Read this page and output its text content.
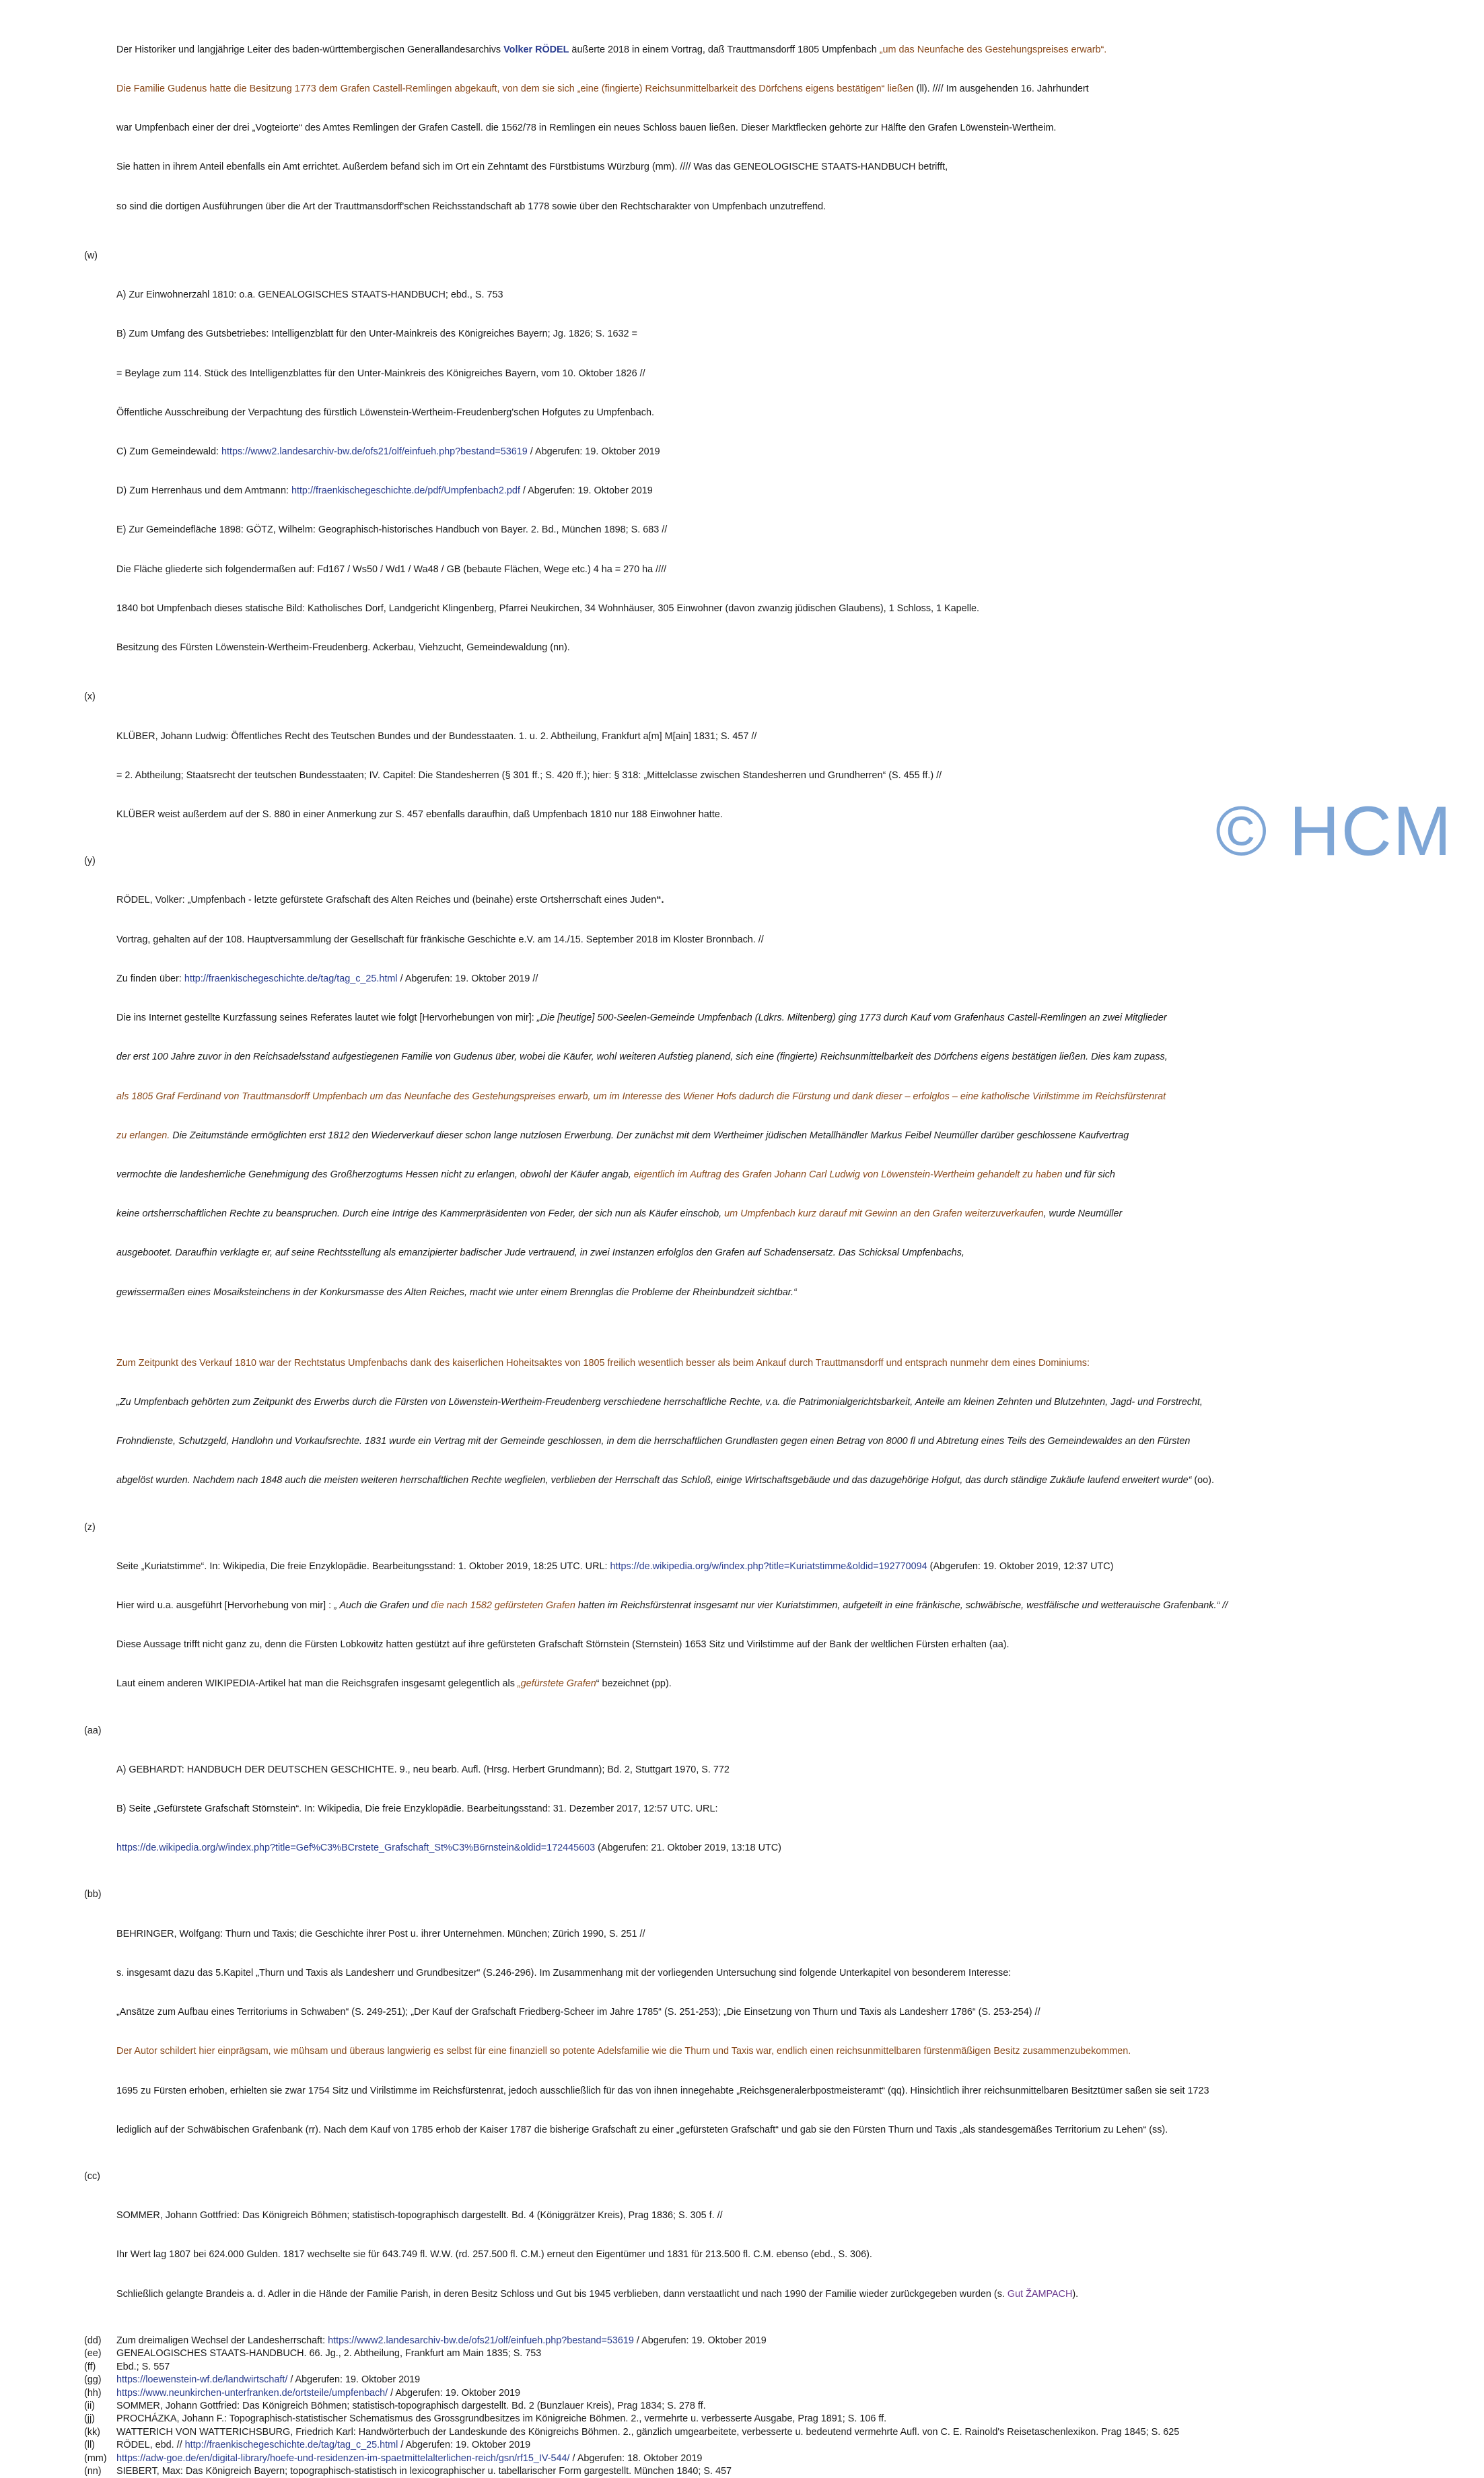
Der Historiker und langjährige Leiter des baden-württembergischen Generallandesarchivs Volker RÖDEL äußerte 2018 in einem Vortrag, daß Trauttmansdorff 1805 Umpfenbach „um das Neunfache des Gestehungspreises erwarb“.

Die Familie Gudenus hatte die Besitzung 1773 dem Grafen Castell-Remlingen abgekauft, von dem sie sich „eine (fingierte) Reichsunmittelbarkeit des Dörfchens eigens bestätigen“ ließen (ll). //// Im ausgehenden 16. Jahrhundert

war Umpfenbach einer der drei „Vogteiorte“ des Amtes Remlingen der Grafen Castell. die 1562/78 in Remlingen ein neues Schloss bauen ließen. Dieser Marktflecken gehörte zur Hälfte den Grafen Löwenstein-Wertheim.

Sie hatten in ihrem Anteil ebenfalls ein Amt errichtet. Außerdem befand sich im Ort ein Zehntamt des Fürstbistums Würzburg (mm). //// Was das GENEOLOGISCHE STAATS-HANDBUCH betrifft,

so sind die dortigen Ausführungen über die Art der Trauttmansdorff'schen Reichsstandschaft ab 1778 sowie über den Rechtscharakter von Umpfenbach unzutreffend.

(w)

A) Zur Einwohnerzahl 1810: o.a. GENEALOGISCHES STAATS-HANDBUCH; ebd., S. 753

B) Zum Umfang des Gutsbetriebes: Intelligenzblatt für den Unter-Mainkreis des Königreiches Bayern; Jg. 1826; S. 1632 =

= Beylage zum 114. Stück des Intelligenzblattes für den Unter-Mainkreis des Königreiches Bayern, vom 10. Oktober 1826 //

Öffentliche Ausschreibung der Verpachtung des fürstlich Löwenstein-Wertheim-Freudenberg'schen Hofgutes zu Umpfenbach.

C) Zum Gemeindewald: https://www2.landesarchiv-bw.de/ofs21/olf/einfueh.php?bestand=53619 / Abgerufen: 19. Oktober 2019

D) Zum Herrenhaus und dem Amtmann: http://fraenkischegeschichte.de/pdf/Umpfenbach2.pdf / Abgerufen: 19. Oktober 2019

E) Zur Gemeindefläche 1898: GÖTZ, Wilhelm: Geographisch-historisches Handbuch von Bayer. 2. Bd., München 1898; S. 683 //

Die Fläche gliederte sich folgendermaßen auf: Fd167 / Ws50 / Wd1 / Wa48 / GB (bebaute Flächen, Wege etc.) 4 ha = 270 ha ////

1840 bot Umpfenbach dieses statische Bild: Katholisches Dorf, Landgericht Klingenberg, Pfarrei Neukirchen, 34 Wohnhäuser, 305 Einwohner (davon zwanzig jüdischen Glaubens), 1 Schloss, 1 Kapelle.

Besitzung des Fürsten Löwenstein-Wertheim-Freudenberg. Ackerbau, Viehzucht, Gemeindewaldung (nn).

(x)

KLÜBER, Johann Ludwig: Öffentliches Recht des Teutschen Bundes und der Bundesstaaten. 1. u. 2. Abtheilung, Frankfurt a[m] M[ain] 1831; S. 457 //

= 2. Abtheilung; Staatsrecht der teutschen Bundesstaaten; IV. Capitel: Die Standesherren (§ 301 ff.; S. 420 ff.); hier: § 318: „Mittelclasse zwischen Standesherren und Grundherren“ (S. 455 ff.) //

KLÜBER weist außerdem auf der S. 880 in einer Anmerkung zur S. 457 ebenfalls daraufhin, daß Umpfenbach 1810 nur 188 Einwohner hatte.

(y)

RÖDEL, Volker: „Umpfenbach - letzte gefürstete Grafschaft des Alten Reiches und (beinahe) erste Ortsherrschaft eines Juden“.

Vortrag, gehalten auf der 108. Hauptversammlung der Gesellschaft für fränkische Geschichte e.V. am 14./15. September 2018 im Kloster Bronnbach. //

Zu finden über: http://fraenkischegeschichte.de/tag/tag_c_25.html / Abgerufen: 19. Oktober 2019 //

Die ins Internet gestellte Kurzfassung seines Referates lautet wie folgt [Hervorhebungen von mir]: „Die [heutige] 500-Seelen-Gemeinde Umpfenbach (Ldkrs. Miltenberg) ging 1773 durch Kauf vom Grafenhaus Castell-Remlingen an zwei Mitglieder

der erst 100 Jahre zuvor in den Reichsadelsstand aufgestiegenen Familie von Gudenus über, wobei die Käufer, wohl weiteren Aufstieg planend, sich eine (fingierte) Reichsunmittelbarkeit des Dörfchens eigens bestätigen ließen. Dies kam zupass,

als 1805 Graf Ferdinand von Trauttmansdorff Umpfenbach um das Neunfache des Gestehungspreises erwarb, um im Interesse des Wiener Hofs dadurch die Fürstung und dank dieser – erfolglos – eine katholische Virilstimme im Reichsfürstenrat

zu erlangen. Die Zeitumstände ermöglichten erst 1812 den Wiederverkauf dieser schon lange nutzlosen Erwerbung. Der zunächst mit dem Wertheimer jüdischen Metallhändler Markus Feibel Neumüller darüber geschlossene Kaufvertrag

vermochte die landesherrliche Genehmigung des Großherzogtums Hessen nicht zu erlangen, obwohl der Käufer angab, eigentlich im Auftrag des Grafen Johann Carl Ludwig von Löwenstein-Wertheim gehandelt zu haben und für sich

keine ortsherrschaftlichen Rechte zu beanspruchen. Durch eine Intrige des Kammerpräsidenten von Feder, der sich nun als Käufer einschob, um Umpfenbach kurz darauf mit Gewinn an den Grafen weiterzuverkaufen, wurde Neumüller

ausgebootet. Daraufhin verklagte er, auf seine Rechtsstellung als emanzipierter badischer Jude vertrauend, in zwei Instanzen erfolglos den Grafen auf Schadensersatz. Das Schicksal Umpfenbachs,

gewissermaßen eines Mosaiksteinchens in der Konkursmasse des Alten Reiches, macht wie unter einem Brennglas die Probleme der Rheinbundzeit sichtbar.“

Zum Zeitpunkt des Verkauf 1810 war der Rechtstatus Umpfenbachs dank des kaiserlichen Hoheitsaktes von 1805 freilich wesentlich besser als beim Ankauf durch Trauttmansdorff und entsprach nunmehr dem eines Dominiums:

„Zu Umpfenbach gehörten zum Zeitpunkt des Erwerbs durch die Fürsten von Löwenstein-Wertheim-Freudenberg verschiedene herrschaftliche Rechte, v.a. die Patrimonialgerichtsbarkeit, Anteile am kleinen Zehnten und Blutzehnten, Jagd- und Forstrecht,

Frohndienste, Schutzgeld, Handlohn und Vorkaufsrechte. 1831 wurde ein Vertrag mit der Gemeinde geschlossen, in dem die herrschaftlichen Grundlasten gegen einen Betrag von 8000 fl und Abtretung eines Teils des Gemeindewaldes an den Fürsten

abgelöst wurden. Nachdem nach 1848 auch die meisten weiteren herrschaftlichen Rechte wegfielen, verblieben der Herrschaft das Schloß, einige Wirtschaftsgebäude und das dazugehörige Hofgut, das durch ständige Zukäufe laufend erweitert wurde“ (oo).

(z)

Seite „Kuriatstimme“. In: Wikipedia, Die freie Enzyklopädie. Bearbeitungsstand: 1. Oktober 2019, 18:25 UTC. URL: https://de.wikipedia.org/w/index.php?title=Kuriatstimme&oldid=192770094 (Abgerufen: 19. Oktober 2019, 12:37 UTC)

Hier wird u.a. ausgeführt [Hervorhebung von mir] : „ Auch die Grafen und die nach 1582 gefürsteten Grafen hatten im Reichsfürstenrat insgesamt nur vier Kuriatstimmen, aufgeteilt in eine fränkische, schwäbische, westfälische und wetterauische Grafenbank.“ //

Diese Aussage trifft nicht ganz zu, denn die Fürsten Lobkowitz hatten gestützt auf ihre gefürsteten Grafschaft Störnstein (Sternstein) 1653 Sitz und Virilstimme auf der Bank der weltlichen Fürsten erhalten (aa).

Laut einem anderen WIKIPEDIA-Artikel hat man die Reichsgrafen insgesamt gelegentlich als „gefürstete Grafen“ bezeichnet (pp).

(aa)

A) GEBHARDT: HANDBUCH DER DEUTSCHEN GESCHICHTE. 9., neu bearb. Aufl. (Hrsg. Herbert Grundmann); Bd. 2, Stuttgart 1970, S. 772

B) Seite „Gefürstete Grafschaft Störnstein“. In: Wikipedia, Die freie Enzyklopädie. Bearbeitungsstand: 31. Dezember 2017, 12:57 UTC. URL:

https://de.wikipedia.org/w/index.php?title=Gef%C3%BCrstete_Grafschaft_St%C3%B6rnstein&oldid=172445603 (Abgerufen: 21. Oktober 2019, 13:18 UTC)

(bb)

BEHRINGER, Wolfgang: Thurn und Taxis; die Geschichte ihrer Post u. ihrer Unternehmen. München; Zürich 1990, S. 251 //

s. insgesamt dazu das 5.Kapitel „Thurn und Taxis als Landesherr und Grundbesitzer“ (S.246-296). Im Zusammenhang mit der vorliegenden Untersuchung sind folgende Unterkapitel von besonderem Interesse:

„Ansätze zum Aufbau eines Territoriums in Schwaben“ (S. 249-251); „Der Kauf der Grafschaft Friedberg-Scheer im Jahre 1785“ (S. 251-253); „Die Einsetzung von Thurn und Taxis als Landesherr 1786“ (S. 253-254) //

Der Autor schildert hier einprägsam, wie mühsam und überaus langwierig es selbst für eine finanziell so potente Adelsfamilie wie die Thurn und Taxis war, endlich einen reichsunmittelbaren fürstenmäßigen Besitz zusammenzubekommen.

1695 zu Fürsten erhoben, erhielten sie zwar 1754 Sitz und Virilstimme im Reichsfürstenrat, jedoch ausschließlich für das von ihnen innegehabte „Reichsgeneralerbpostmeisteramt“ (qq). Hinsichtlich ihrer reichsunmittelbaren Besitztümer saßen sie seit 1723

lediglich auf der Schwäbischen Grafenbank (rr). Nach dem Kauf von 1785 erhob der Kaiser 1787 die bisherige Grafschaft zu einer „gefürsteten Grafschaft“ und gab sie den Fürsten Thurn und Taxis „als standesgemäßes Territorium zu Lehen“ (ss).

(cc)

SOMMER, Johann Gottfried: Das Königreich Böhmen; statistisch-topographisch dargestellt. Bd. 4 (Königgrätzer Kreis), Prag 1836; S. 305 f. //

Ihr Wert lag 1807 bei 624.000 Gulden. 1817 wechselte sie für 643.749 fl. W.W. (rd. 257.500 fl. C.M.) erneut den Eigentümer und 1831 für 213.500 fl. C.M. ebenso (ebd., S. 306).

Schließlich gelangte Brandeis a. d. Adler in die Hände der Familie Parish, in deren Besitz Schloss und Gut bis 1945 verblieben, dann verstaatlicht und nach 1990 der Familie wieder zurückgegeben wurden (s. Gut ŽAMPACH).

(dd) Zum dreimaligen Wechsel der Landesherrschaft: https://www2.landesarchiv-bw.de/ofs21/olf/einfueh.php?bestand=53619 / Abgerufen: 19. Oktober 2019
(ee) GENEALOGISCHES STAATS-HANDBUCH. 66. Jg., 2. Abtheilung, Frankfurt am Main 1835; S. 753
(ff) Ebd.; S. 557
(gg) https://loewenstein-wf.de/landwirtschaft/ / Abgerufen: 19. Oktober 2019
(hh) https://www.neunkirchen-unterfranken.de/ortsteile/umpfenbach/ / Abgerufen: 19. Oktober 2019
(ii) SOMMER, Johann Gottfried: Das Königreich Böhmen; statistisch-topographisch dargestellt. Bd. 2 (Bunzlauer Kreis), Prag 1834; S. 278 ff.
(jj) PROCHÁZKA, Johann F.: Topographisch-statistischer Schematismus des Grossgrundbesitzes im Königreiche Böhmen. 2., vermehrte u. verbesserte Ausgabe, Prag 1891; S. 106 ff.
(kk) WATTERICH VON WATTERICHSBURG, Friedrich Karl: Handwörterbuch der Landeskunde des Königreichs Böhmen. 2., gänzlich umgearbeitete, verbesserte u. bedeutend vermehrte Aufl. von C. E. Rainold's Reisetaschenlexikon. Prag 1845; S. 625
(ll) RÖDEL, ebd. // http://fraenkischegeschichte.de/tag/tag_c_25.html / Abgerufen: 19. Oktober 2019
(mm) https://adw-goe.de/en/digital-library/hoefe-und-residenzen-im-spaetmittelalterlichen-reich/gsn/rf15_IV-544/ / Abgerufen: 18. Oktober 2019
(nn) SIEBERT, Max: Das Königreich Bayern; topographisch-statistisch in lexicographischer u. tabellarischer Form gargestellt. München 1840; S. 457
© HCM
